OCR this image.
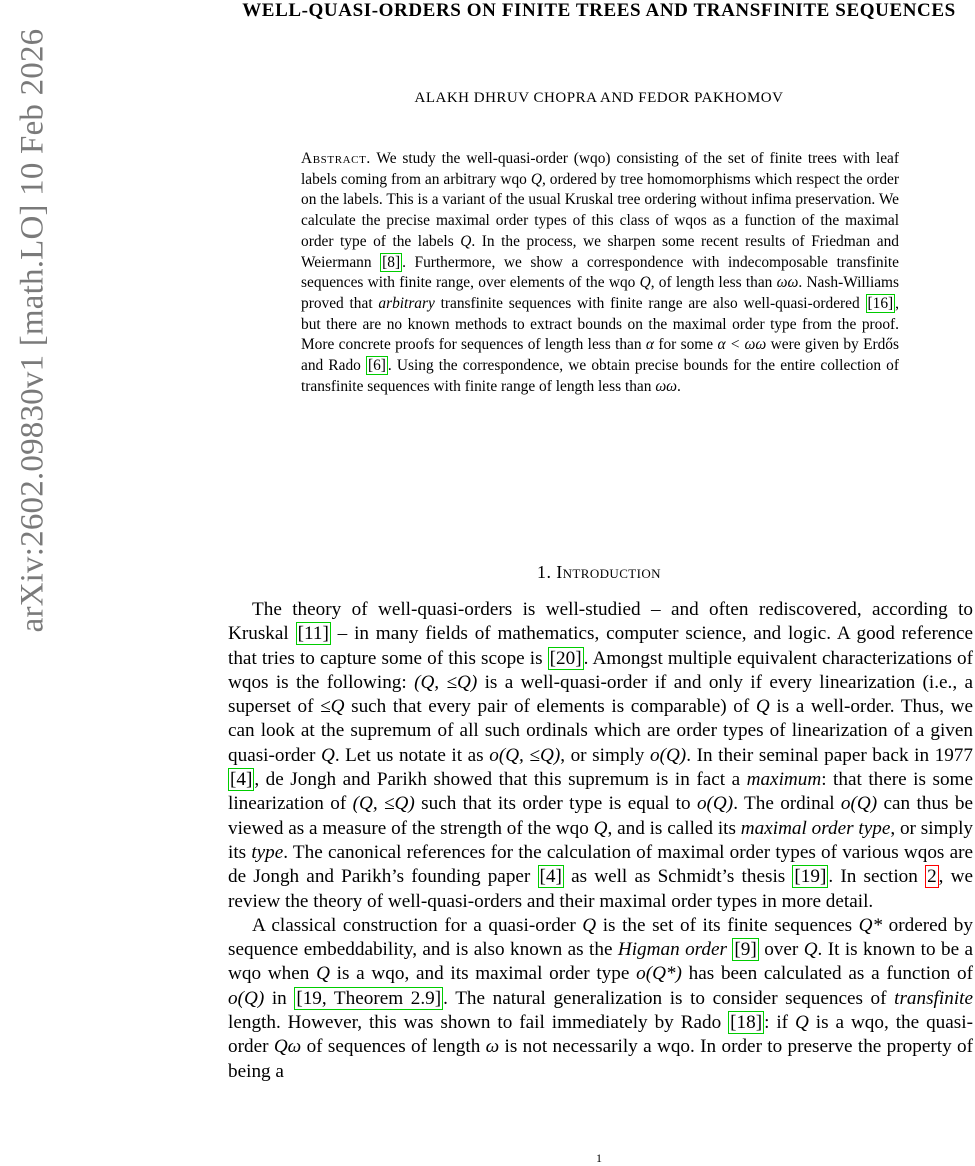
arXiv:2602.09830v1 [math.LO] 10 Feb 2026
WELL-QUASI-ORDERS ON FINITE TREES AND TRANSFINITE SEQUENCES
ALAKH DHRUV CHOPRA AND FEDOR PAKHOMOV
Abstract. We study the well-quasi-order (wqo) consisting of the set of finite trees with leaf labels coming from an arbitrary wqo Q, ordered by tree homomorphisms which respect the order on the labels. This is a variant of the usual Kruskal tree ordering without infima preservation. We calculate the precise maximal order types of this class of wqos as a function of the maximal order type of the labels Q. In the process, we sharpen some recent results of Friedman and Weiermann [8] . Furthermore, we show a correspondence with indecomposable transfinite sequences with finite range, over elements of the wqo Q, of length less than ωω. Nash-Williams proved that arbitrary transfinite sequences with finite range are also well-quasi-ordered [16] , but there are no known methods to extract bounds on the maximal order type from the proof. More concrete proofs for sequences of length less than α for some α < ωω were given by Erdős and Rado [6] . Using the correspondence, we obtain precise bounds for the entire collection of transfinite sequences with finite range of length less than ωω.
1. Introduction

The theory of well-quasi-orders is well-studied – and often rediscovered, according to Kruskal [11] – in many fields of mathematics, computer science, and logic. A good reference that tries to capture some of this scope is [20] . Amongst multiple equivalent characterizations of wqos is the following: (Q, ≤Q) is a well-quasi-order if and only if every linearization (i.e., a superset of ≤Q such that every pair of elements is comparable) of Q is a well-order. Thus, we can look at the supremum of all such ordinals which are order types of linearization of a given quasi-order Q. Let us notate it as o(Q, ≤Q), or simply o(Q). In their seminal paper back in 1977 [4] , de Jongh and Parikh showed that this supremum is in fact a maximum: that there is some linearization of (Q, ≤Q) such that its order type is equal to o(Q). The ordinal o(Q) can thus be viewed as a measure of the strength of the wqo Q, and is called its maximal order type, or simply its type. The canonical references for the calculation of maximal order types of various wqos are de Jongh and Parikh’s founding paper [4] as well as Schmidt’s thesis [19] . In section 2 , we review the theory of well-quasi-orders and their maximal order types in more detail.

A classical construction for a quasi-order Q is the set of its finite sequences Q* ordered by sequence embeddability, and is also known as the Higman order [9] over Q. It is known to be a wqo when Q is a wqo, and its maximal order type o(Q*) has been calculated as a function of o(Q) in [19, Theorem 2.9] . The natural generalization is to consider sequences of transfinite length. However, this was shown to fail immediately by Rado [18] : if Q is a wqo, the quasi-order Qω of sequences of length ω is not necessarily a wqo. In order to preserve the property of being a

1
